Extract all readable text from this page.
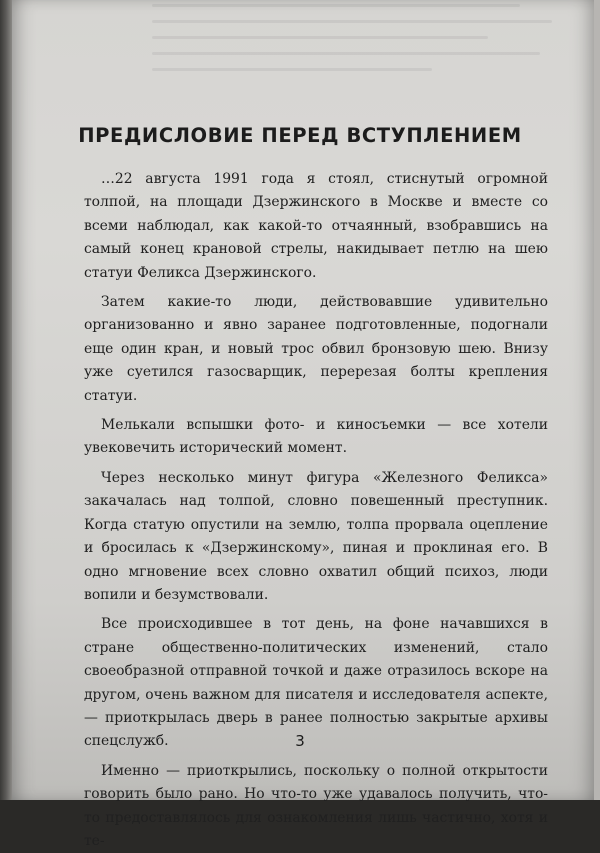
ПРЕДИСЛОВИЕ ПЕРЕД ВСТУПЛЕНИЕМ

…22 августа 1991 года я стоял, стиснутый огромной толпой, на площади Дзержинского в Москве и вместе со всеми наблюдал, как какой-то отчаянный, взобравшись на самый конец крановой стрелы, накидывает петлю на шею статуи Феликса Дзержинского.

Затем какие-то люди, действовавшие удивительно организованно и явно заранее подготовленные, подогнали еще один кран, и новый трос обвил бронзовую шею. Внизу уже суетился газосварщик, перерезая болты крепления статуи.

Мелькали вспышки фото- и киносъемки — все хотели увековечить исторический момент.

Через несколько минут фигура «Железного Феликса» закачалась над толпой, словно повешенный преступник. Когда статую опустили на землю, толпа прорвала оцепление и бросилась к «Дзержинскому», пиная и проклиная его. В одно мгновение всех словно охватил общий психоз, люди вопили и безумствовали.

Все происходившее в тот день, на фоне начавшихся в стране общественно-политических изменений, стало своеобразной отправной точкой и даже отразилось вскоре на другом, очень важном для писателя и исследователя аспекте, — приоткрылась дверь в ранее полностью закрытые архивы спецслужб.

Именно — приоткрылись, поскольку о полной открытости говорить было рано. Но что-то уже удавалось получить, что-то предоставлялось для ознакомления лишь частично, хотя и те-

3
